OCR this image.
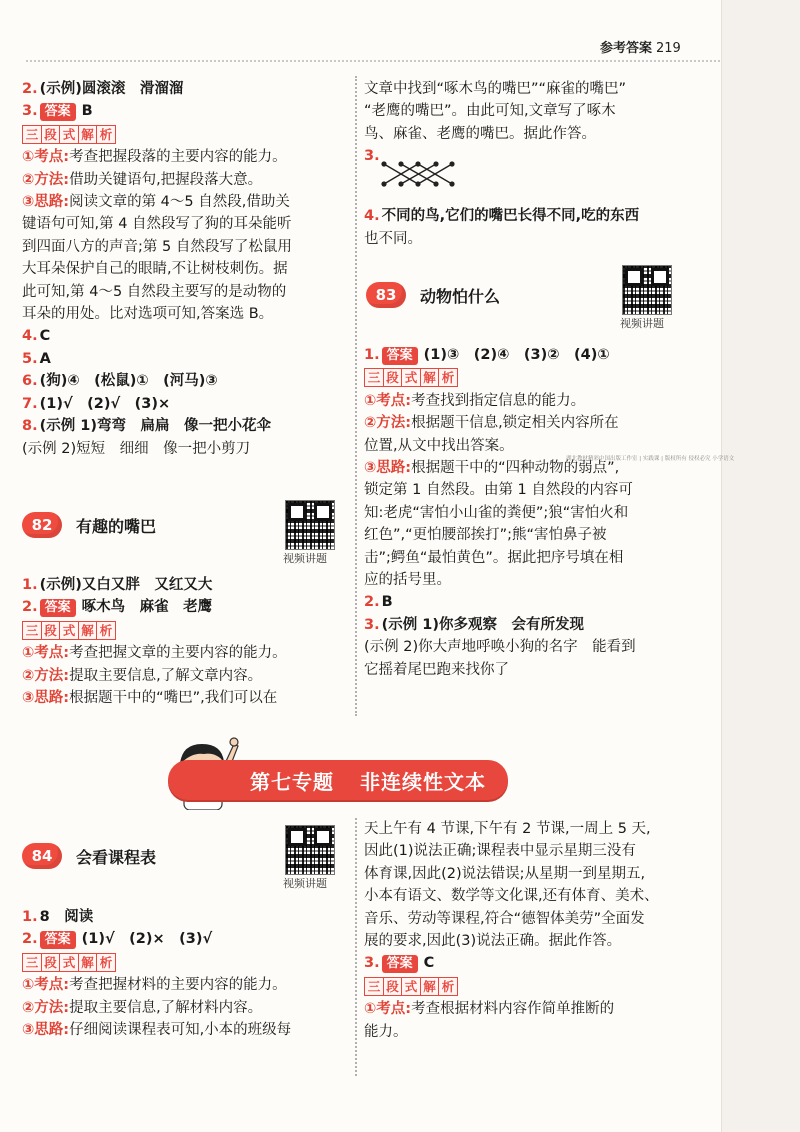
参考答案 219
2. (示例)圆滚滚　滑溜溜
3. 答案 B
三 段 式 解 析
①考点:考查把握段落的主要内容的能力。
②方法:借助关键语句,把握段落大意。
③思路:阅读文章的第 4～5 自然段,借助关
键语句可知,第 4 自然段写了狗的耳朵能听
到四面八方的声音;第 5 自然段写了松鼠用
大耳朵保护自己的眼睛,不让树枝刺伤。据
此可知,第 4～5 自然段主要写的是动物的
耳朵的用处。比对选项可知,答案选 B。
4. C
5. A
6. (狗)④　(松鼠)①　(河马)③
7. (1)√　(2)√　(3)×
8. (示例 1)弯弯　扁扁　像一把小花伞
(示例 2)短短　细细　像一把小剪刀
82	有趣的嘴巴
视频讲题
1. (示例)又白又胖　又红又大
2. 答案 啄木鸟　麻雀　老鹰
三 段 式 解 析
①考点:考查把握文章的主要内容的能力。
②方法:提取主要信息,了解文章内容。
③思路:根据题干中的“嘴巴”,我们可以在
文章中找到“啄木鸟的嘴巴”“麻雀的嘴巴”
“老鹰的嘴巴”。由此可知,文章写了啄木
鸟、麻雀、老鹰的嘴巴。据此作答。
3.
4. 不同的鸟,它们的嘴巴长得不同,吃的东西
也不同。
83	动物怕什么
视频讲题
1. 答案 (1)③　(2)④　(3)②　(4)①
三 段 式 解 析
①考点:考查找到指定信息的能力。
②方法:根据题干信息,锁定相关内容所在
位置,从文中找出答案。
③思路:根据题干中的“四种动物的弱点”,
锁定第 1 自然段。由第 1 自然段的内容可
知:老虎“害怕小山雀的粪便”;狼“害怕火和
红色”,“更怕腰部挨打”;熊“害怕鼻子被
击”;鳄鱼“最怕黄色”。据此把序号填在相
应的括号里。
2. B
3. (示例 1)你多观察　会有所发现
(示例 2)你大声地呼唤小狗的名字　能看到
它摇着尾巴跑来找你了
湖北教材精彩中国出版工作室 | 实践课 | 版权所有 侵权必究 小学语文
第七专题 非连续性文本
84	会看课程表
视频讲题
1. 8　阅读
2. 答案 (1)√　(2)×　(3)√
三 段 式 解 析
①考点:考查把握材料的主要内容的能力。
②方法:提取主要信息,了解材料内容。
③思路:仔细阅读课程表可知,小本的班级每
天上午有 4 节课,下午有 2 节课,一周上 5 天,
因此(1)说法正确;课程表中显示星期三没有
体育课,因此(2)说法错误;从星期一到星期五,
小本有语文、数学等文化课,还有体育、美术、
音乐、劳动等课程,符合“德智体美劳”全面发
展的要求,因此(3)说法正确。据此作答。
3. 答案 C
三 段 式 解 析
①考点:考查根据材料内容作简单推断的
能力。
